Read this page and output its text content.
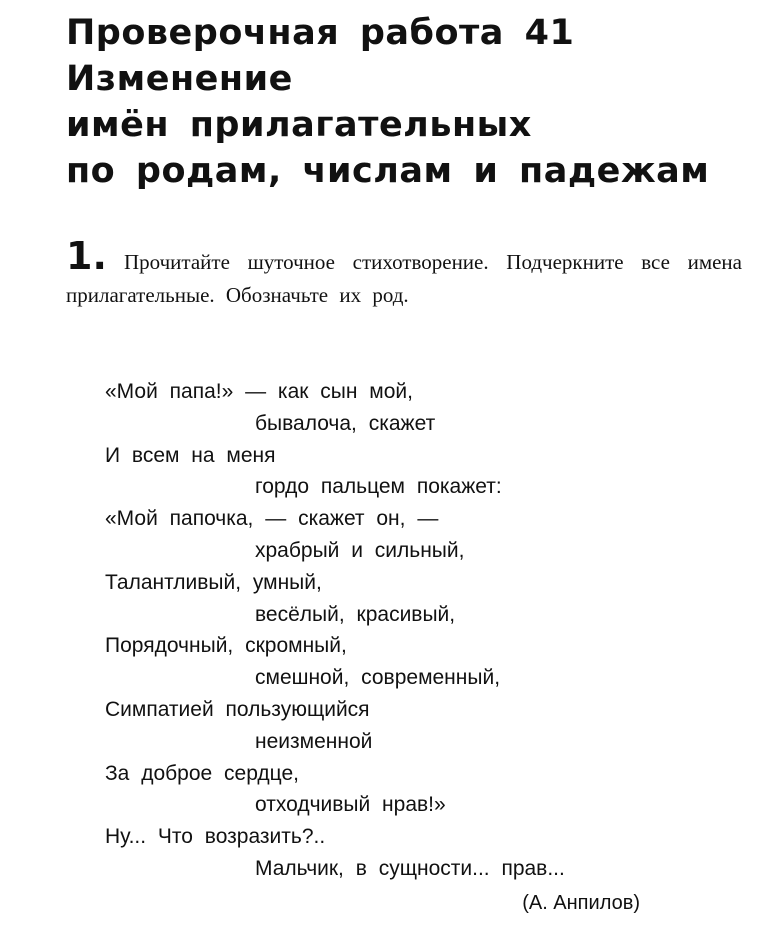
Проверочная работа 41
Изменение
имён прилагательных
по родам, числам и падежам
1. Прочитайте шуточное стихотворение. Подчеркните все имена прилагательные. Обозначьте их род.
«Мой папа!» — как сын мой,
бывалоча, скажет
И всем на меня
гордо пальцем покажет:
«Мой папочка, — скажет он, —
храбрый и сильный,
Талантливый, умный,
весёлый, красивый,
Порядочный, скромный,
смешной, современный,
Симпатией пользующийся
неизменной
За доброе сердце,
отходчивый нрав!»
Ну... Что возразить?..
Мальчик, в сущности... прав...
(А. Анпилов)
